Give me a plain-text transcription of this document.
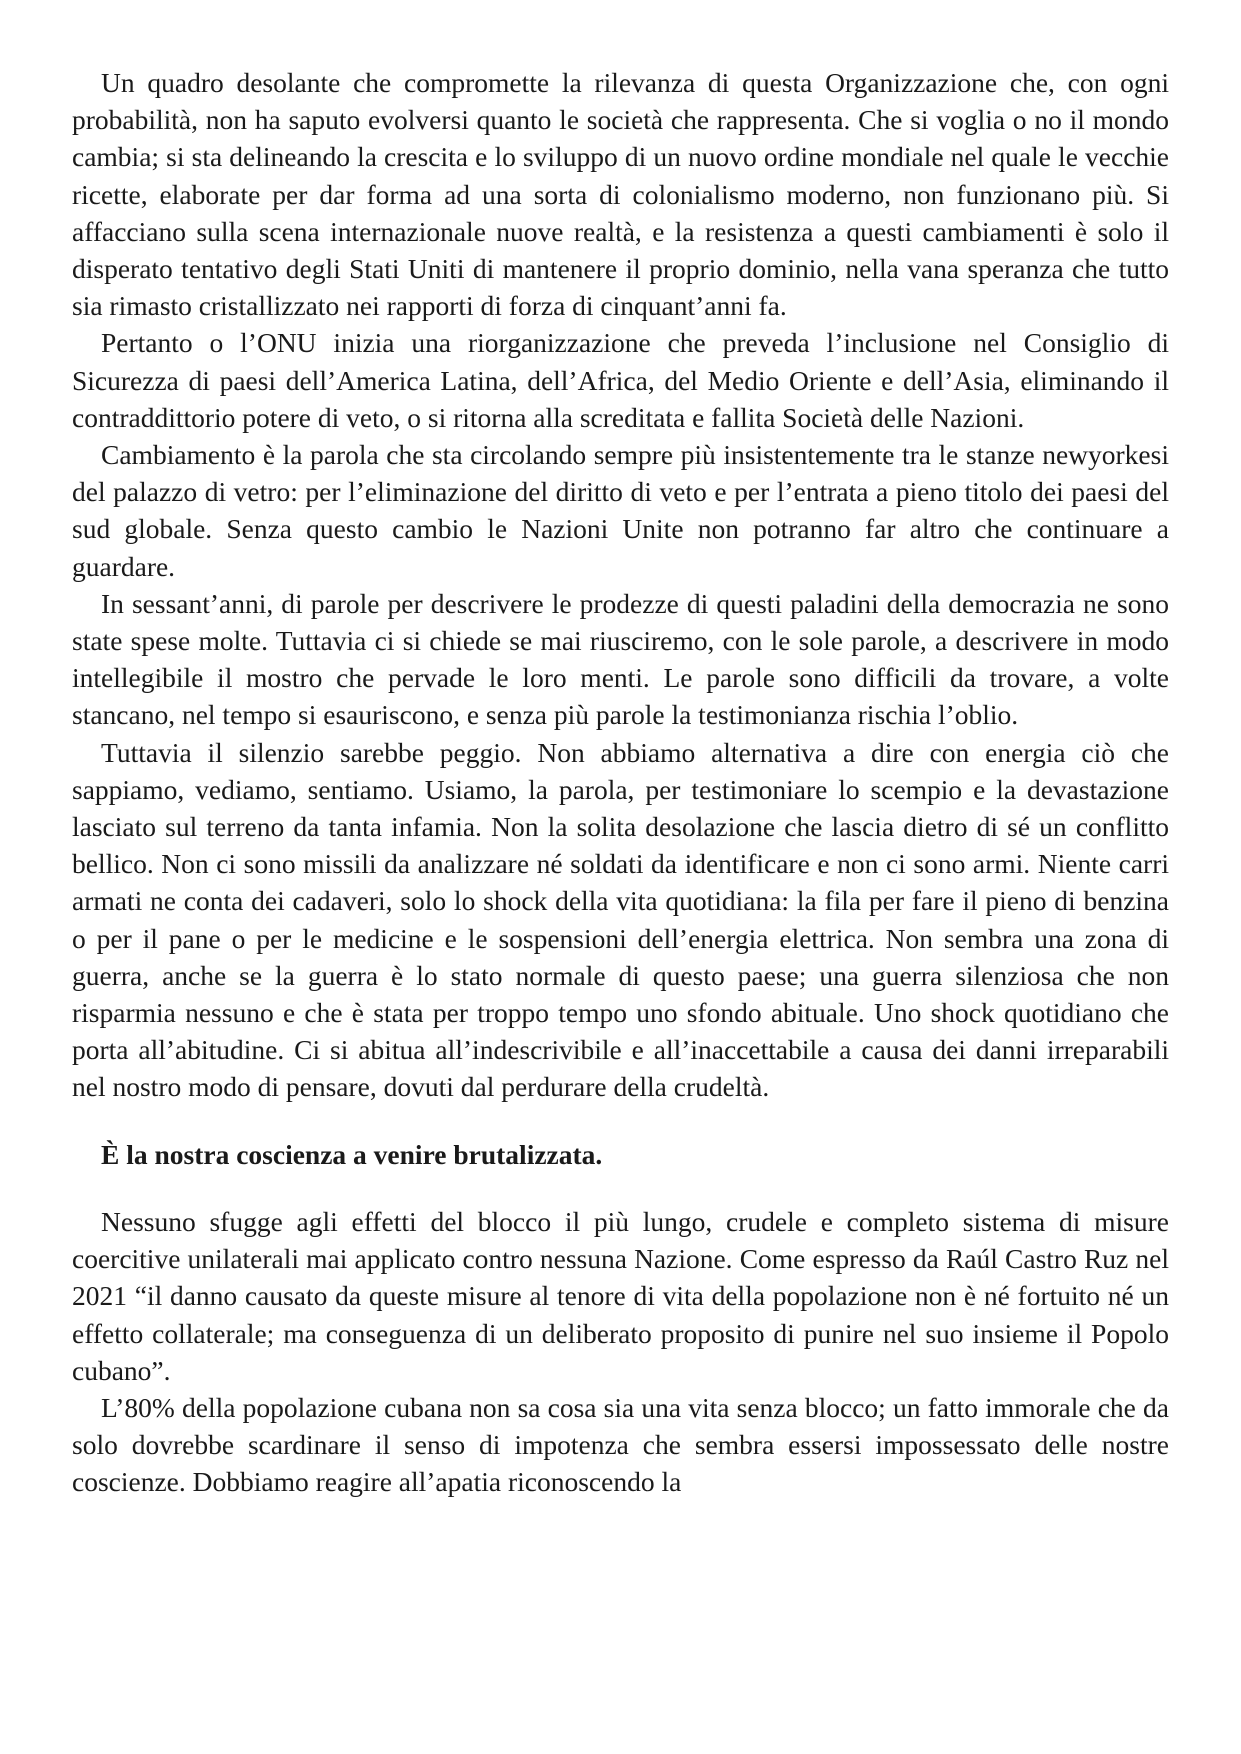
Un quadro desolante che compromette la rilevanza di questa Organizzazione che, con ogni probabilità, non ha saputo evolversi quanto le società che rappresenta. Che si voglia o no il mondo cambia; si sta delineando la crescita e lo sviluppo di un nuovo ordine mondiale nel quale le vecchie ricette, elaborate per dar forma ad una sorta di colonialismo moderno, non funzionano più. Si affacciano sulla scena internazionale nuove realtà, e la resistenza a questi cambiamenti è solo il disperato tentativo degli Stati Uniti di mantenere il proprio dominio, nella vana speranza che tutto sia rimasto cristallizzato nei rapporti di forza di cinquant’anni fa.

Pertanto o l’ONU inizia una riorganizzazione che preveda l’inclusione nel Consiglio di Sicurezza di paesi dell’America Latina, dell’Africa, del Medio Oriente e dell’Asia, eliminando il contraddittorio potere di veto, o si ritorna alla screditata e fallita Società delle Nazioni.

Cambiamento è la parola che sta circolando sempre più insistentemente tra le stanze newyorkesi del palazzo di vetro: per l’eliminazione del diritto di veto e per l’entrata a pieno titolo dei paesi del sud globale. Senza questo cambio le Nazioni Unite non potranno far altro che continuare a guardare.

In sessant’anni, di parole per descrivere le prodezze di questi paladini della democrazia ne sono state spese molte. Tuttavia ci si chiede se mai riusciremo, con le sole parole, a descrivere in modo intellegibile il mostro che pervade le loro menti. Le parole sono difficili da trovare, a volte stancano, nel tempo si esauriscono, e senza più parole la testimonianza rischia l’oblio.

Tuttavia il silenzio sarebbe peggio. Non abbiamo alternativa a dire con energia ciò che sappiamo, vediamo, sentiamo. Usiamo, la parola, per testimoniare lo scempio e la devastazione lasciato sul terreno da tanta infamia. Non la solita desolazione che lascia dietro di sé un conflitto bellico. Non ci sono missili da analizzare né soldati da identificare e non ci sono armi. Niente carri armati ne conta dei cadaveri, solo lo shock della vita quotidiana: la fila per fare il pieno di benzina o per il pane o per le medicine e le sospensioni dell’energia elettrica. Non sembra una zona di guerra, anche se la guerra è lo stato normale di questo paese; una guerra silenziosa che non risparmia nessuno e che è stata per troppo tempo uno sfondo abituale. Uno shock quotidiano che porta all’abitudine. Ci si abitua all’indescrivibile e all’inaccettabile a causa dei danni irreparabili nel nostro modo di pensare, dovuti dal perdurare della crudeltà.

È la nostra coscienza a venire brutalizzata.

Nessuno sfugge agli effetti del blocco il più lungo, crudele e completo sistema di misure coercitive unilaterali mai applicato contro nessuna Nazione. Come espresso da Raúl Castro Ruz nel 2021 “il danno causato da queste misure al tenore di vita della popolazione non è né fortuito né un effetto collaterale; ma conseguenza di un deliberato proposito di punire nel suo insieme il Popolo cubano”.

L’80% della popolazione cubana non sa cosa sia una vita senza blocco; un fatto immorale che da solo dovrebbe scardinare il senso di impotenza che sembra essersi impossessato delle nostre coscienze. Dobbiamo reagire all’apatia riconoscendo la
